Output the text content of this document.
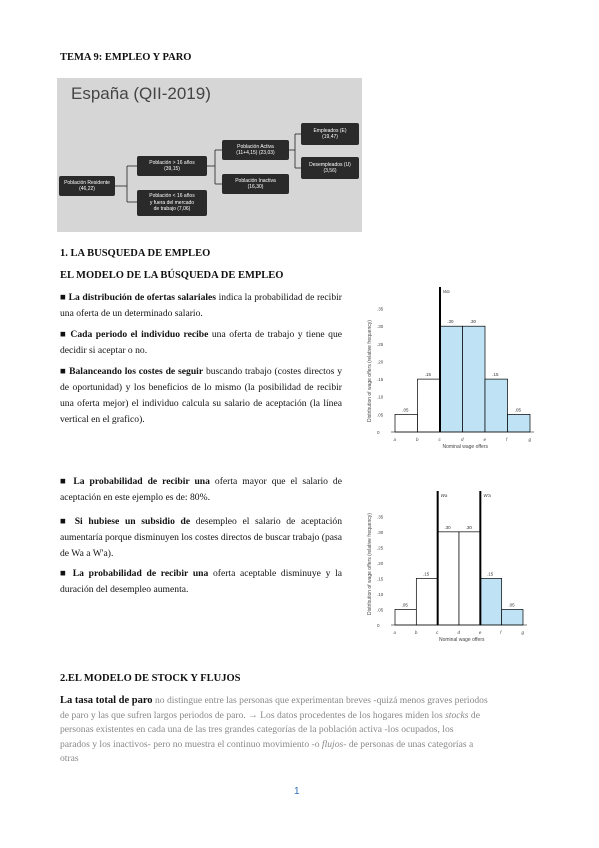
TEMA 9: EMPLEO Y PARO
España (QII-2019)
Población Residente
(46,22)
Población > 16 años
(39,15)
Población < 16 años
y fuera del mercado
de trabajo (7,06)
Población Activa
(11+4,15) (23,03)
Población Inactiva
(16,30)
Empleados (E)
(19,47)
Desempleados (U)
(3,56)
1. LA BUSQUEDA DE EMPLEO
EL MODELO DE LA BÚSQUEDA DE EMPLEO
■ La distribución de ofertas salariales indica la probabilidad de recibir una oferta de un determinado salario.
■ Cada periodo el individuo recibe una oferta de trabajo y tiene que decidir si aceptar o no.
■ Balanceando los costes de seguir buscando trabajo (costes directos y de oportunidad) y los beneficios de lo mismo (la posibilidad de recibir una oferta mejor) el individuo calcula su salario de aceptación (la línea vertical en el grafico).
■ La probabilidad de recibir una oferta mayor que el salario de aceptación en este ejemplo es de: 80%.
■ Si hubiese un subsidio de desempleo el salario de aceptación aumentaría porque disminuyen los costes directos de buscar trabajo (pasa de Wa a W'a).
■ La probabilidad de recibir una oferta aceptable disminuye y la duración del desempleo aumenta.
0
.05
.10
.15
.20
.25
.30
.35
.05
.15
.30	.30
.15
.05
a	b	c	d	e	f	g
Wa
Nominal wage offers
Distribution of wage offers (relative frequency)
0
.05
.10
.15
.20
.25
.30
.35
.05
.15
.30	.30
.15
.05
a	b	c	d	e	f	g
Wa	W'a
Nominal wage offers
Distribution of wage offers (relative frequency)
2.EL MODELO DE STOCK Y FLUJOS
La tasa total de paro no distingue entre las personas que experimentan breves -quizá menos graves periodos
de paro y las que sufren largos periodos de paro. → Los datos procedentes de los hogares miden los stocks de
personas existentes en cada una de las tres grandes categorías de la población activa -los ocupados, los
parados y los inactivos- pero no muestra el continuo movimiento -o flujos- de personas de unas categorías a
otras
1
